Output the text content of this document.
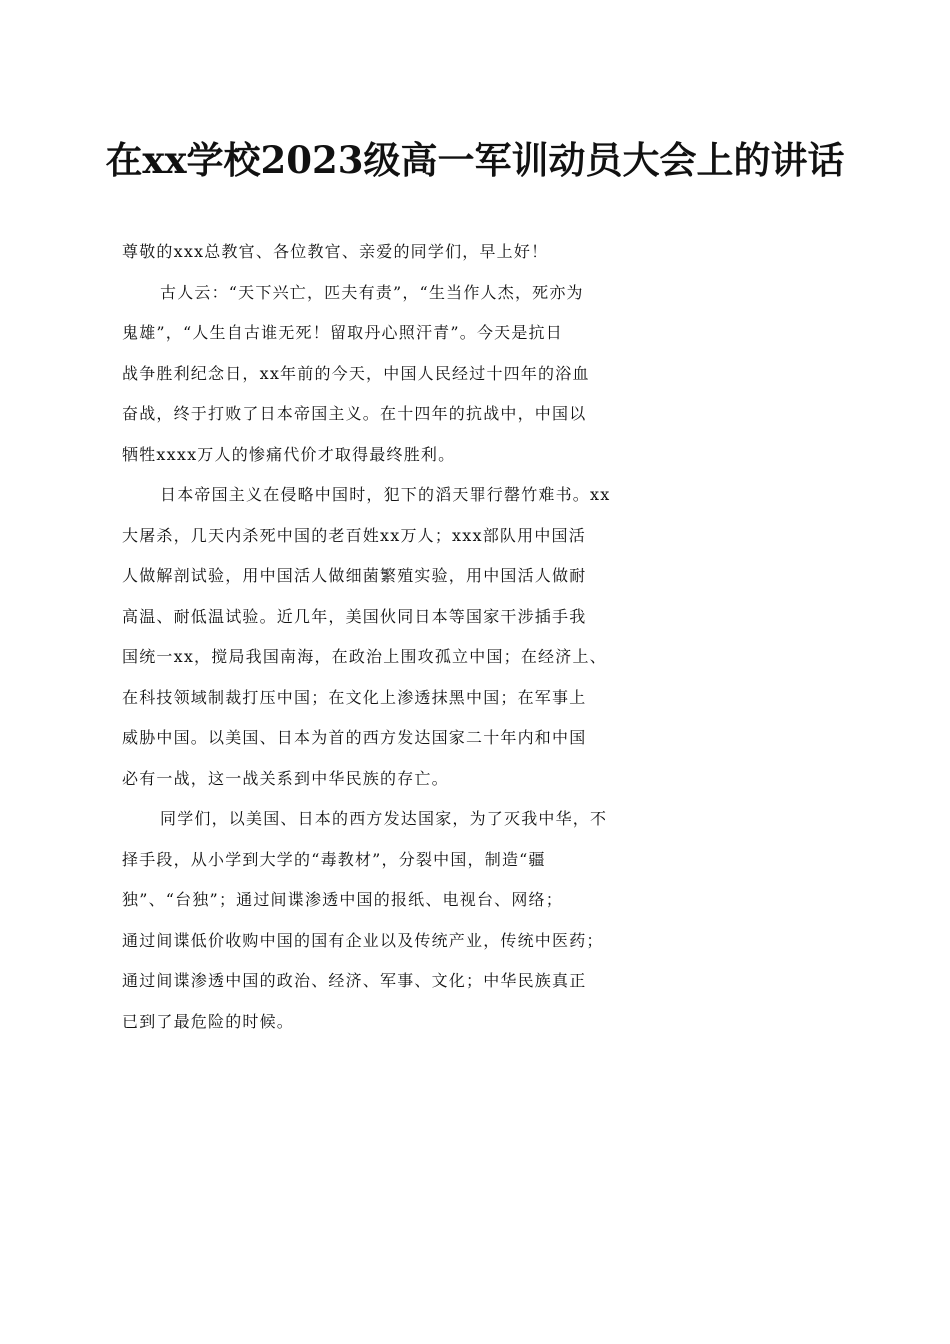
在xx学校2023级高一军训动员大会上的讲话
尊敬的xxx总教官、各位教官、亲爱的同学们，早上好！
古人云：“天下兴亡，匹夫有责”，“生当作人杰，死亦为
鬼雄”，“人生自古谁无死！留取丹心照汗青”。今天是抗日
战争胜利纪念日，xx年前的今天，中国人民经过十四年的浴血
奋战，终于打败了日本帝国主义。在十四年的抗战中，中国以
牺牲xxxx万人的惨痛代价才取得最终胜利。
日本帝国主义在侵略中国时，犯下的滔天罪行罄竹难书。xx
大屠杀，几天内杀死中国的老百姓xx万人；xxx部队用中国活
人做解剖试验，用中国活人做细菌繁殖实验，用中国活人做耐
高温、耐低温试验。近几年，美国伙同日本等国家干涉插手我
国统一xx，搅局我国南海，在政治上围攻孤立中国；在经济上、
在科技领域制裁打压中国；在文化上渗透抹黑中国；在军事上
威胁中国。以美国、日本为首的西方发达国家二十年内和中国
必有一战，这一战关系到中华民族的存亡。
同学们，以美国、日本的西方发达国家，为了灭我中华，不
择手段，从小学到大学的“毒教材”，分裂中国，制造“疆
独”、“台独”；通过间谍渗透中国的报纸、电视台、网络；
通过间谍低价收购中国的国有企业以及传统产业，传统中医药；
通过间谍渗透中国的政治、经济、军事、文化；中华民族真正
已到了最危险的时候。
